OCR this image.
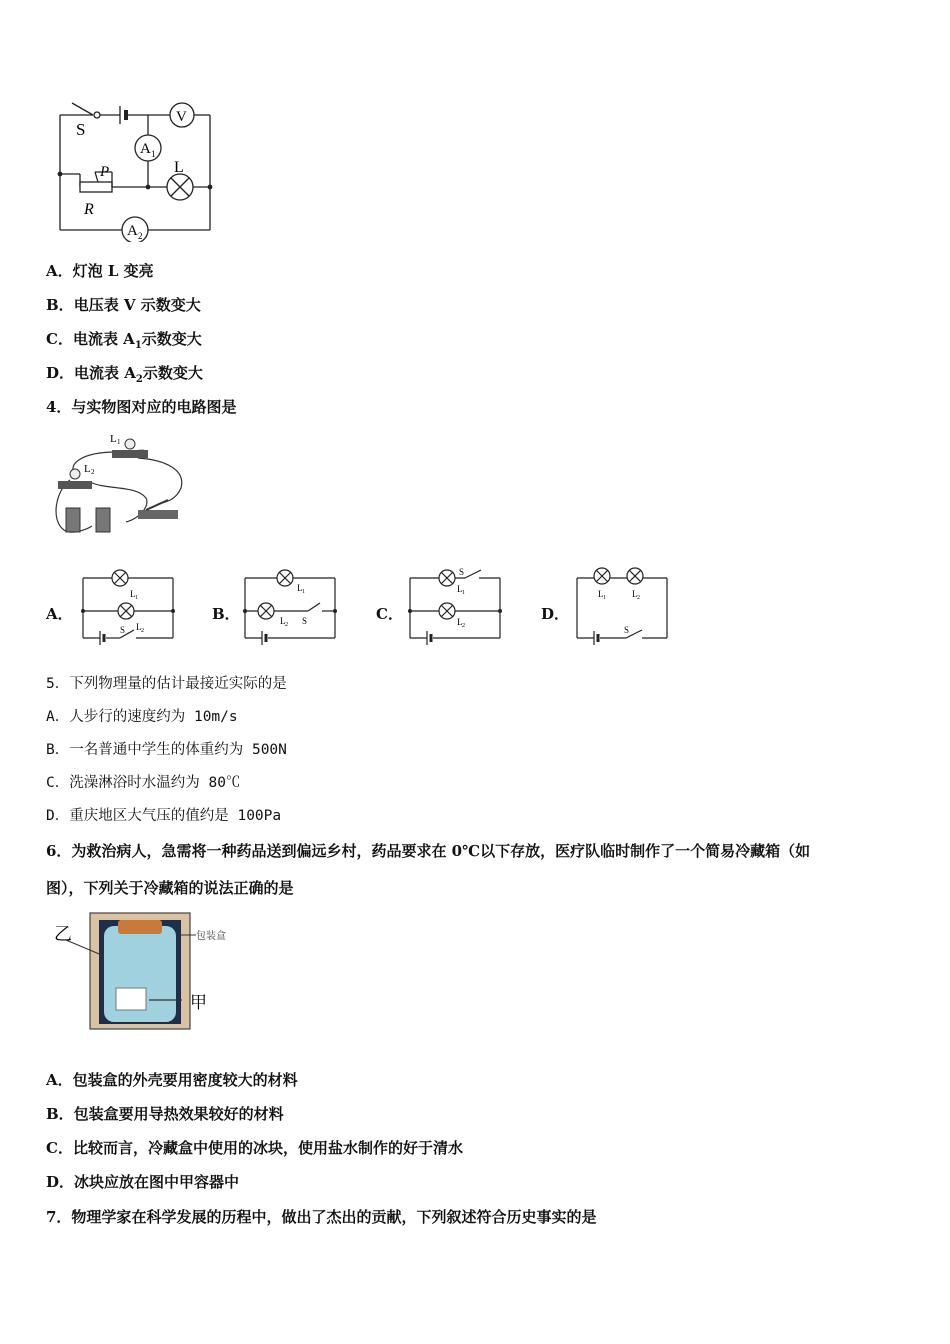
S
V
A 1
L
P
R
A 2
A．灯泡 L 变亮
B．电压表 V 示数变大
C．电流表 $A_1$示数变大
D．电流表 $A_2$示数变大
4．与实物图对应的电路图是
L 1
L 2
A．
L 1
L 2
S
B．
L 1
L 2 S	C．
L 1
L 2
S
D．
L 1	L 2
S
5．下列物理量的估计最接近实际的是
A．人步行的速度约为 10m/s
B．一名普通中学生的体重约为 500N
C．洗澡淋浴时水温约为 80℃
D．重庆地区大气压的值约是 100Pa
6．为救治病人，急需将一种药品送到偏远乡村，药品要求在 0℃以下存放，医疗队临时制作了一个简易冷藏箱（如
图），下列关于冷藏箱的说法正确的是
乙	包装盒
甲
A．包装盒的外壳要用密度较大的材料
B．包装盒要用导热效果较好的材料
C．比较而言，冷藏盒中使用的冰块，使用盐水制作的好于清水
D．冰块应放在图中甲容器中
7．物理学家在科学发展的历程中，做出了杰出的贡献，下列叙述符合历史事实的是
